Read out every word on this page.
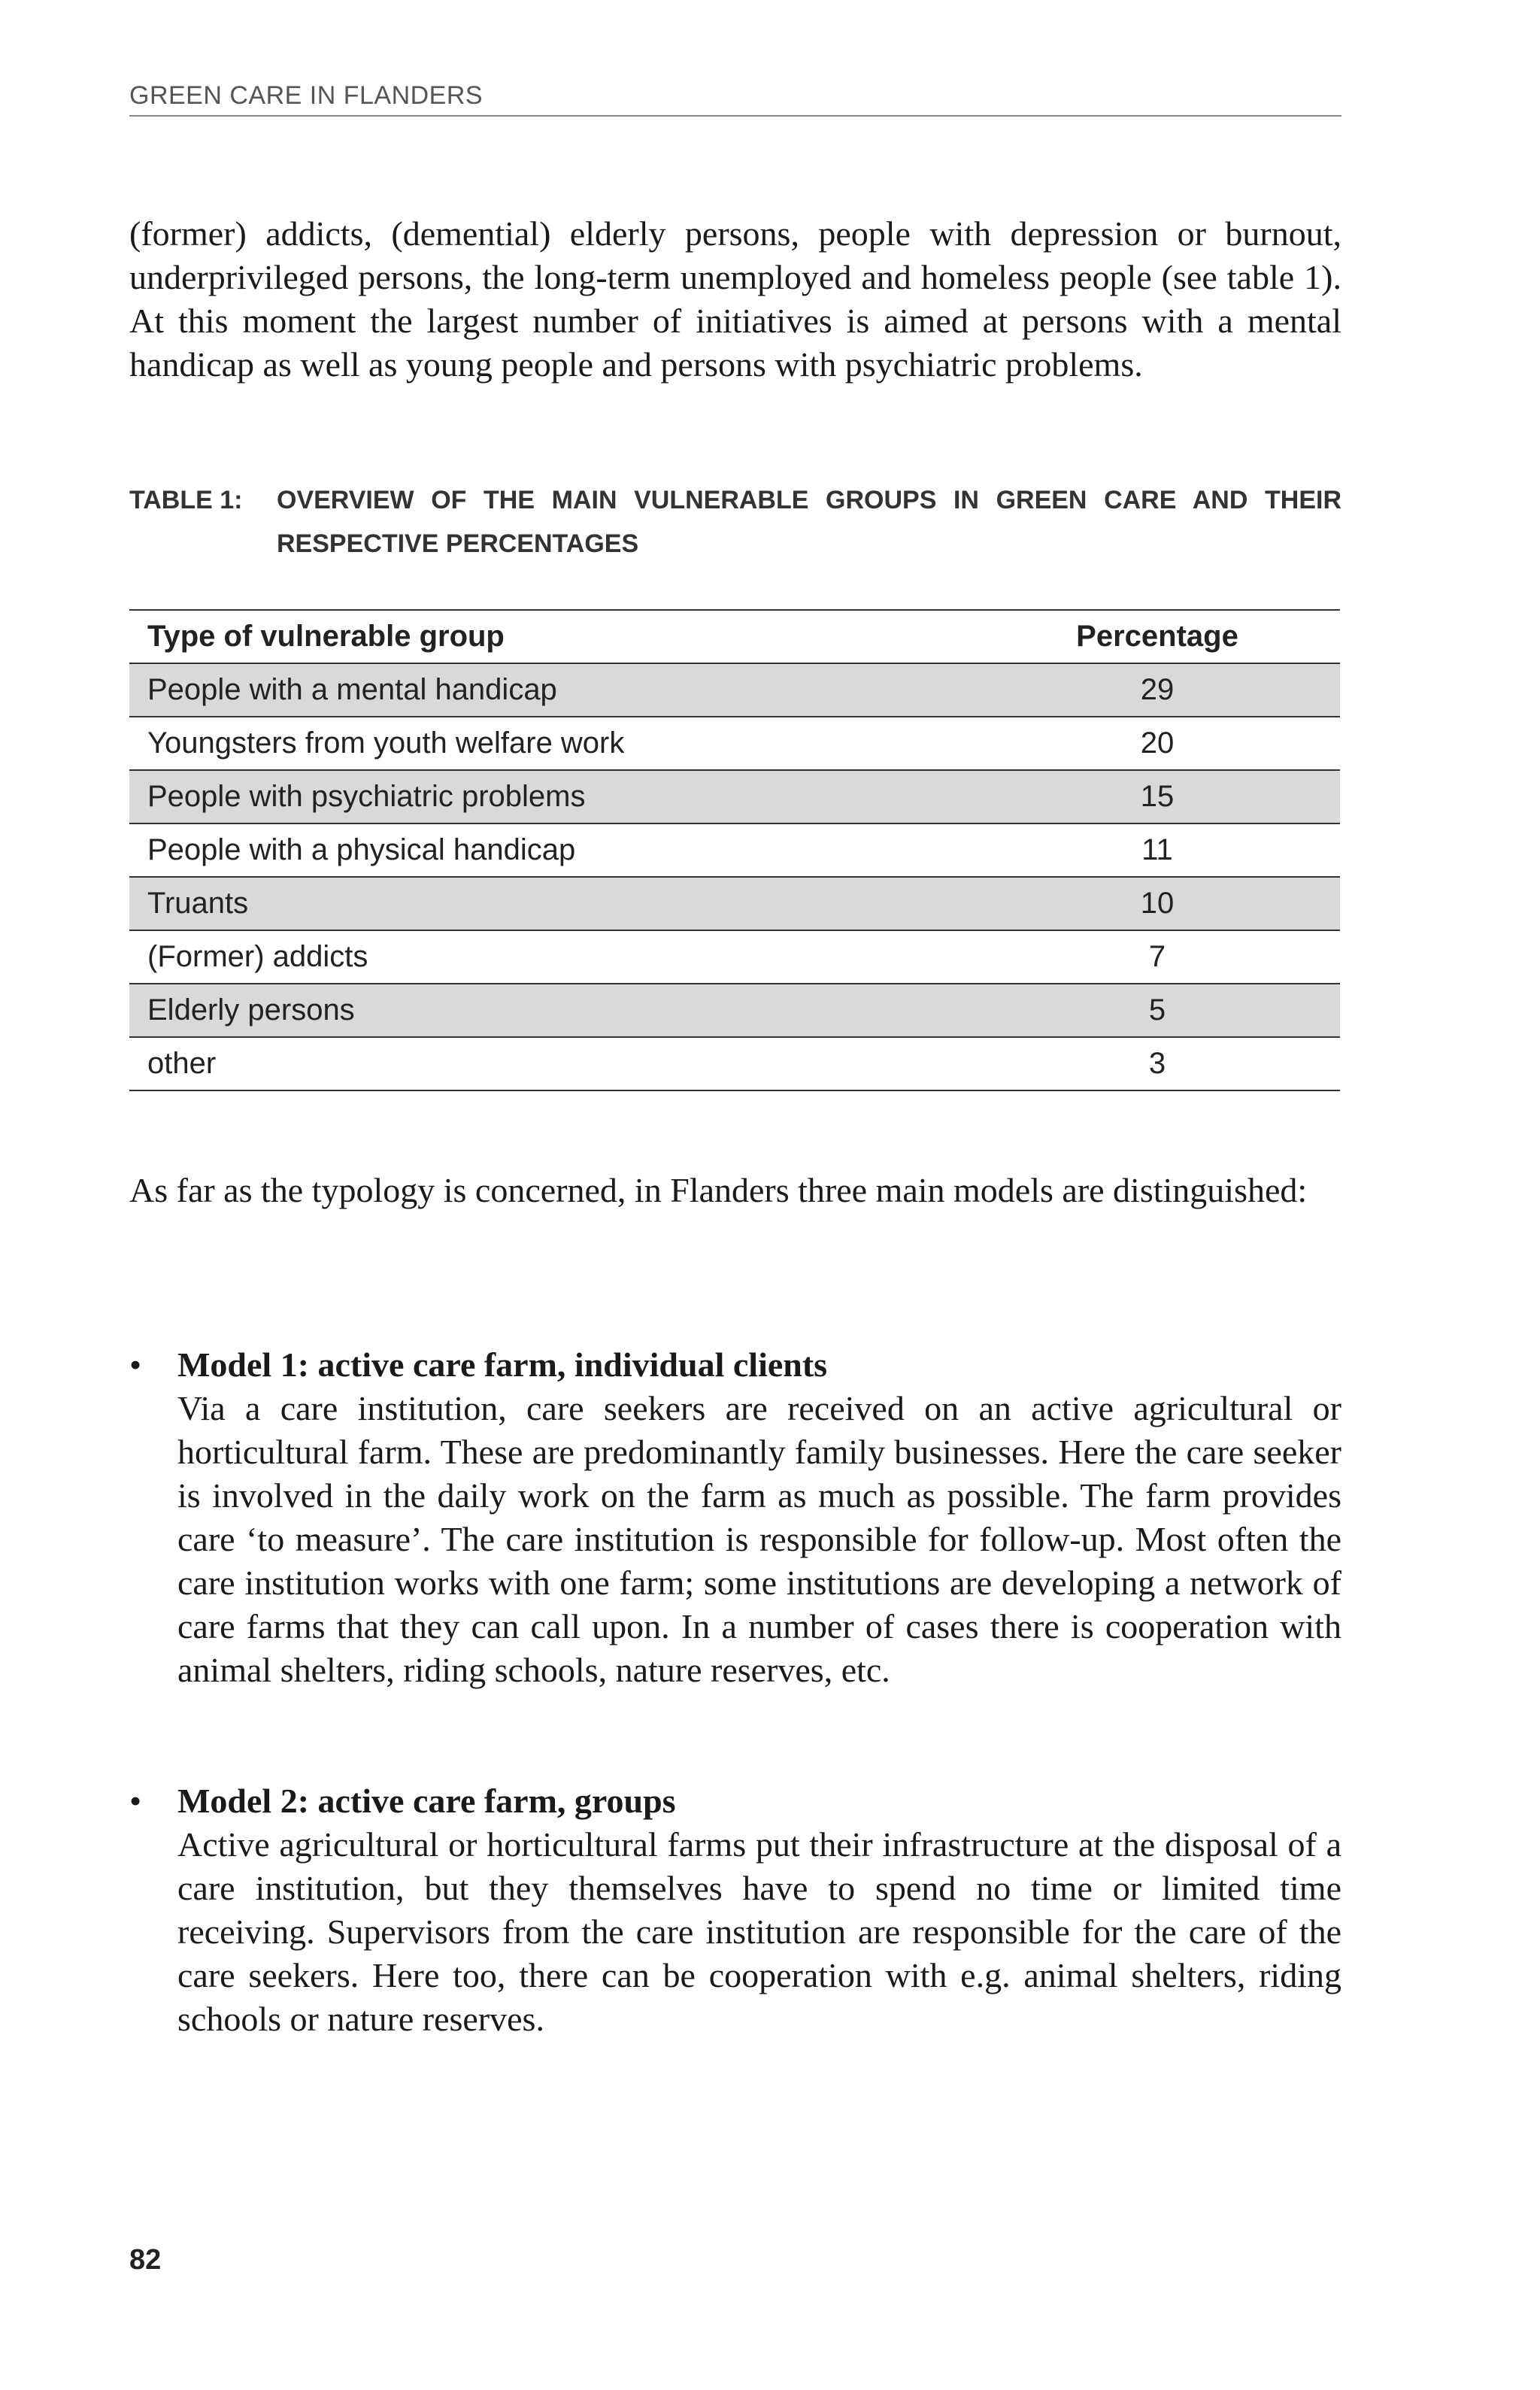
GREEN CARE IN FLANDERS

(former) addicts, (demential) elderly persons, people with depression or burnout, underprivileged persons, the long-term unemployed and homeless people (see table 1). At this moment the largest number of initiatives is aimed at persons with a mental handicap as well as young people and persons with psychiatric problems.

TABLE 1:	OVERVIEW OF THE MAIN VULNERABLE GROUPS IN GREEN CARE AND THEIR RESPECTIVE PERCENTAGES
Type of vulnerable group	Percentage
People with a mental handicap	29
Youngsters from youth welfare work	20
People with psychiatric problems	15
People with a physical handicap	11
Truants	10
(Former) addicts	7
Elderly persons	5
other	3

As far as the typology is concerned, in Flanders three main models are distinguished:

• Model 1: active care farm, individual clients

Via a care institution, care seekers are received on an active agricultural or horticultural farm. These are predominantly family businesses. Here the care seeker is involved in the daily work on the farm as much as possible. The farm provides care ‘to measure’. The care institution is responsible for follow-up. Most often the care institution works with one farm; some institutions are developing a network of care farms that they can call upon. In a number of cases there is cooperation with animal shelters, riding schools, nature reserves, etc.

• Model 2: active care farm, groups

Active agricultural or horticultural farms put their infrastructure at the disposal of a care institution, but they themselves have to spend no time or limited time receiving. Supervisors from the care institution are responsible for the care of the care seekers. Here too, there can be cooperation with e.g. animal shelters, riding schools or nature reserves.

82
